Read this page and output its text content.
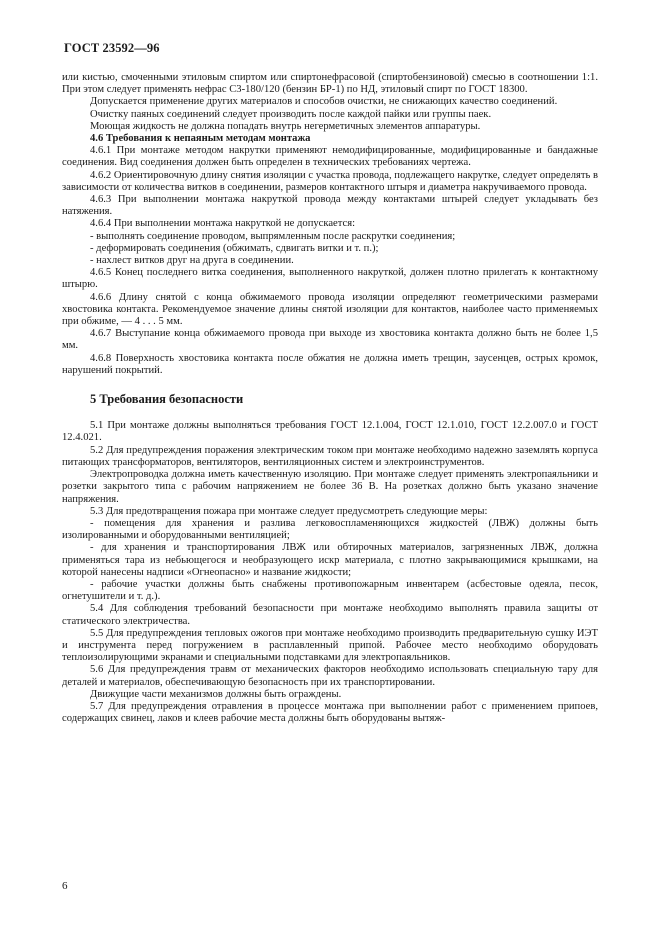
ГОСТ 23592—96

или кистью, смоченными этиловым спиртом или спиртонефрасовой (спиртобензиновой) смесью в соотношении 1:1. При этом следует применять нефрас С3-180/120 (бензин БР-1) по НД, этиловый спирт по ГОСТ 18300.

Допускается применение других материалов и способов очистки, не снижающих качество соединений.

Очистку паяных соединений следует производить после каждой пайки или группы паек.

Моющая жидкость не должна попадать внутрь негерметичных элементов аппаратуры.

4.6 Требования к непаяным методам монтажа

4.6.1 При монтаже методом накрутки применяют немодифицированные, модифицированные и бандажные соединения. Вид соединения должен быть определен в технических требованиях чертежа.

4.6.2 Ориентировочную длину снятия изоляции с участка провода, подлежащего накрутке, следует определять в зависимости от количества витков в соединении, размеров контактного штыря и диаметра накручиваемого провода.

4.6.3 При выполнении монтажа накруткой провода между контактами штырей следует укладывать без натяжения.

4.6.4 При выполнении монтажа накруткой не допускается:

- выполнять соединение проводом, выпрямленным после раскрутки соединения;

- деформировать соединения (обжимать, сдвигать витки и т. п.);

- нахлест витков друг на друга в соединении.

4.6.5 Конец последнего витка соединения, выполненного накруткой, должен плотно прилегать к контактному штырю.

4.6.6 Длину снятой с конца обжимаемого провода изоляции определяют геометрическими размерами хвостовика контакта. Рекомендуемое значение длины снятой изоляции для контактов, наиболее часто применяемых при обжиме, — 4 . . . 5 мм.

4.6.7 Выступание конца обжимаемого провода при выходе из хвостовика контакта должно быть не более 1,5 мм.

4.6.8 Поверхность хвостовика контакта после обжатия не должна иметь трещин, заусенцев, острых кромок, нарушений покрытий.

5 Требования безопасности

5.1 При монтаже должны выполняться требования ГОСТ 12.1.004, ГОСТ 12.1.010, ГОСТ 12.2.007.0 и ГОСТ 12.4.021.

5.2 Для предупреждения поражения электрическим током при монтаже необходимо надежно заземлять корпуса питающих трансформаторов, вентиляторов, вентиляционных систем и электроинструментов.

Электропроводка должна иметь качественную изоляцию. При монтаже следует применять электропаяльники и розетки закрытого типа с рабочим напряжением не более 36 В. На розетках должно быть указано значение напряжения.

5.3 Для предотвращения пожара при монтаже следует предусмотреть следующие меры:

- помещения для хранения и разлива легковоспламеняющихся жидкостей (ЛВЖ) должны быть изолированными и оборудованными вентиляцией;

- для хранения и транспортирования ЛВЖ или обтирочных материалов, загрязненных ЛВЖ, должна применяться тара из небьющегося и необразующего искр материала, с плотно закрывающимися крышками, на которой нанесены надписи «Огнеопасно» и название жидкости;

- рабочие участки должны быть снабжены противопожарным инвентарем (асбестовые одеяла, песок, огнетушители и т. д.).

5.4 Для соблюдения требований безопасности при монтаже необходимо выполнять правила защиты от статического электричества.

5.5 Для предупреждения тепловых ожогов при монтаже необходимо производить предварительную сушку ИЭТ и инструмента перед погружением в расплавленный припой. Рабочее место необходимо оборудовать теплоизолирующими экранами и специальными подставками для электропаяльников.

5.6 Для предупреждения травм от механических факторов необходимо использовать специальную тару для деталей и материалов, обеспечивающую безопасность при их транспортировании.

Движущие части механизмов должны быть ограждены.

5.7 Для предупреждения отравления в процессе монтажа при выполнении работ с применением припоев, содержащих свинец, лаков и клеев рабочие места должны быть оборудованы вытяж-

6
